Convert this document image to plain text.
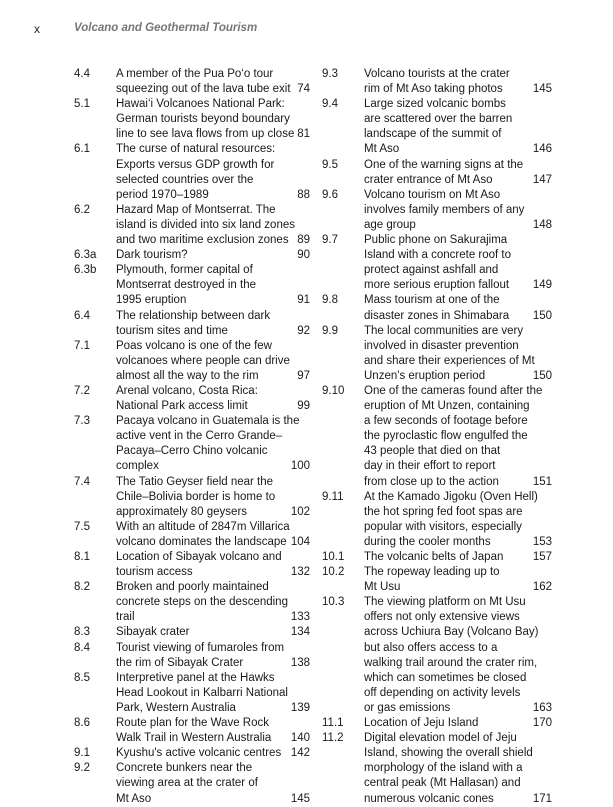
x	Volcano and Geothermal Tourism
4.4 A member of the Pua Po‘o tour
squeezing out of the lava tube exit 74
5.1 Hawai‘i Volcanoes National Park:
German tourists beyond boundary
line to see lava flows from up close 81
6.1 The curse of natural resources:
Exports versus GDP growth for
selected countries over the
period 1970–1989	88
6.2 Hazard Map of Montserrat. The
island is divided into six land zones
and two maritime exclusion zones 89
6.3a Dark tourism?	90
6.3b Plymouth, former capital of
Montserrat destroyed in the
1995 eruption	91
6.4 The relationship between dark
tourism sites and time	92
7.1 Poas volcano is one of the few
volcanoes where people can drive
almost all the way to the rim	97
7.2 Arenal volcano, Costa Rica:
National Park access limit	99
7.3 Pacaya volcano in Guatemala is the
active vent in the Cerro Grande–
Pacaya–Cerro Chino volcanic
complex	100
7.4 The Tatio Geyser field near the
Chile–Bolivia border is home to
approximately 80 geysers	102
7.5 With an altitude of 2847m Villarica
volcano dominates the landscape 104
8.1 Location of Sibayak volcano and
tourism access	132
8.2 Broken and poorly maintained
concrete steps on the descending
trail	133
8.3 Sibayak crater	134
8.4 Tourist viewing of fumaroles from
the rim of Sibayak Crater	138
8.5 Interpretive panel at the Hawks
Head Lookout in Kalbarri National
Park, Western Australia	139
8.6 Route plan for the Wave Rock
Walk Trail in Western Australia	140
9.1 Kyushu's active volcanic centres 142
9.2 Concrete bunkers near the
viewing area at the crater of
Mt Aso	145
9.3 Volcano tourists at the crater
rim of Mt Aso taking photos	145
9.4 Large sized volcanic bombs
are scattered over the barren
landscape of the summit of
Mt Aso	146
9.5 One of the warning signs at the
crater entrance of Mt Aso	147
9.6 Volcano tourism on Mt Aso
involves family members of any
age group	148
9.7 Public phone on Sakurajima
Island with a concrete roof to
protect against ashfall and
more serious eruption fallout	149
9.8 Mass tourism at one of the
disaster zones in Shimabara	150
9.9 The local communities are very
involved in disaster prevention
and share their experiences of Mt
Unzen's eruption period	150
9.10 One of the cameras found after the
eruption of Mt Unzen, containing
a few seconds of footage before
the pyroclastic flow engulfed the
43 people that died on that
day in their effort to report
from close up to the action	151
9.11 At the Kamado Jigoku (Oven Hell)
the hot spring fed foot spas are
popular with visitors, especially
during the cooler months	153
10.1 The volcanic belts of Japan	157
10.2 The ropeway leading up to
Mt Usu	162
10.3 The viewing platform on Mt Usu
offers not only extensive views
across Uchiura Bay (Volcano Bay)
but also offers access to a
walking trail around the crater rim,
which can sometimes be closed
off depending on activity levels
or gas emissions	163
11.1 Location of Jeju Island	170
11.2 Digital elevation model of Jeju
Island, showing the overall shield
morphology of the island with a
central peak (Mt Hallasan) and
numerous volcanic cones	171
